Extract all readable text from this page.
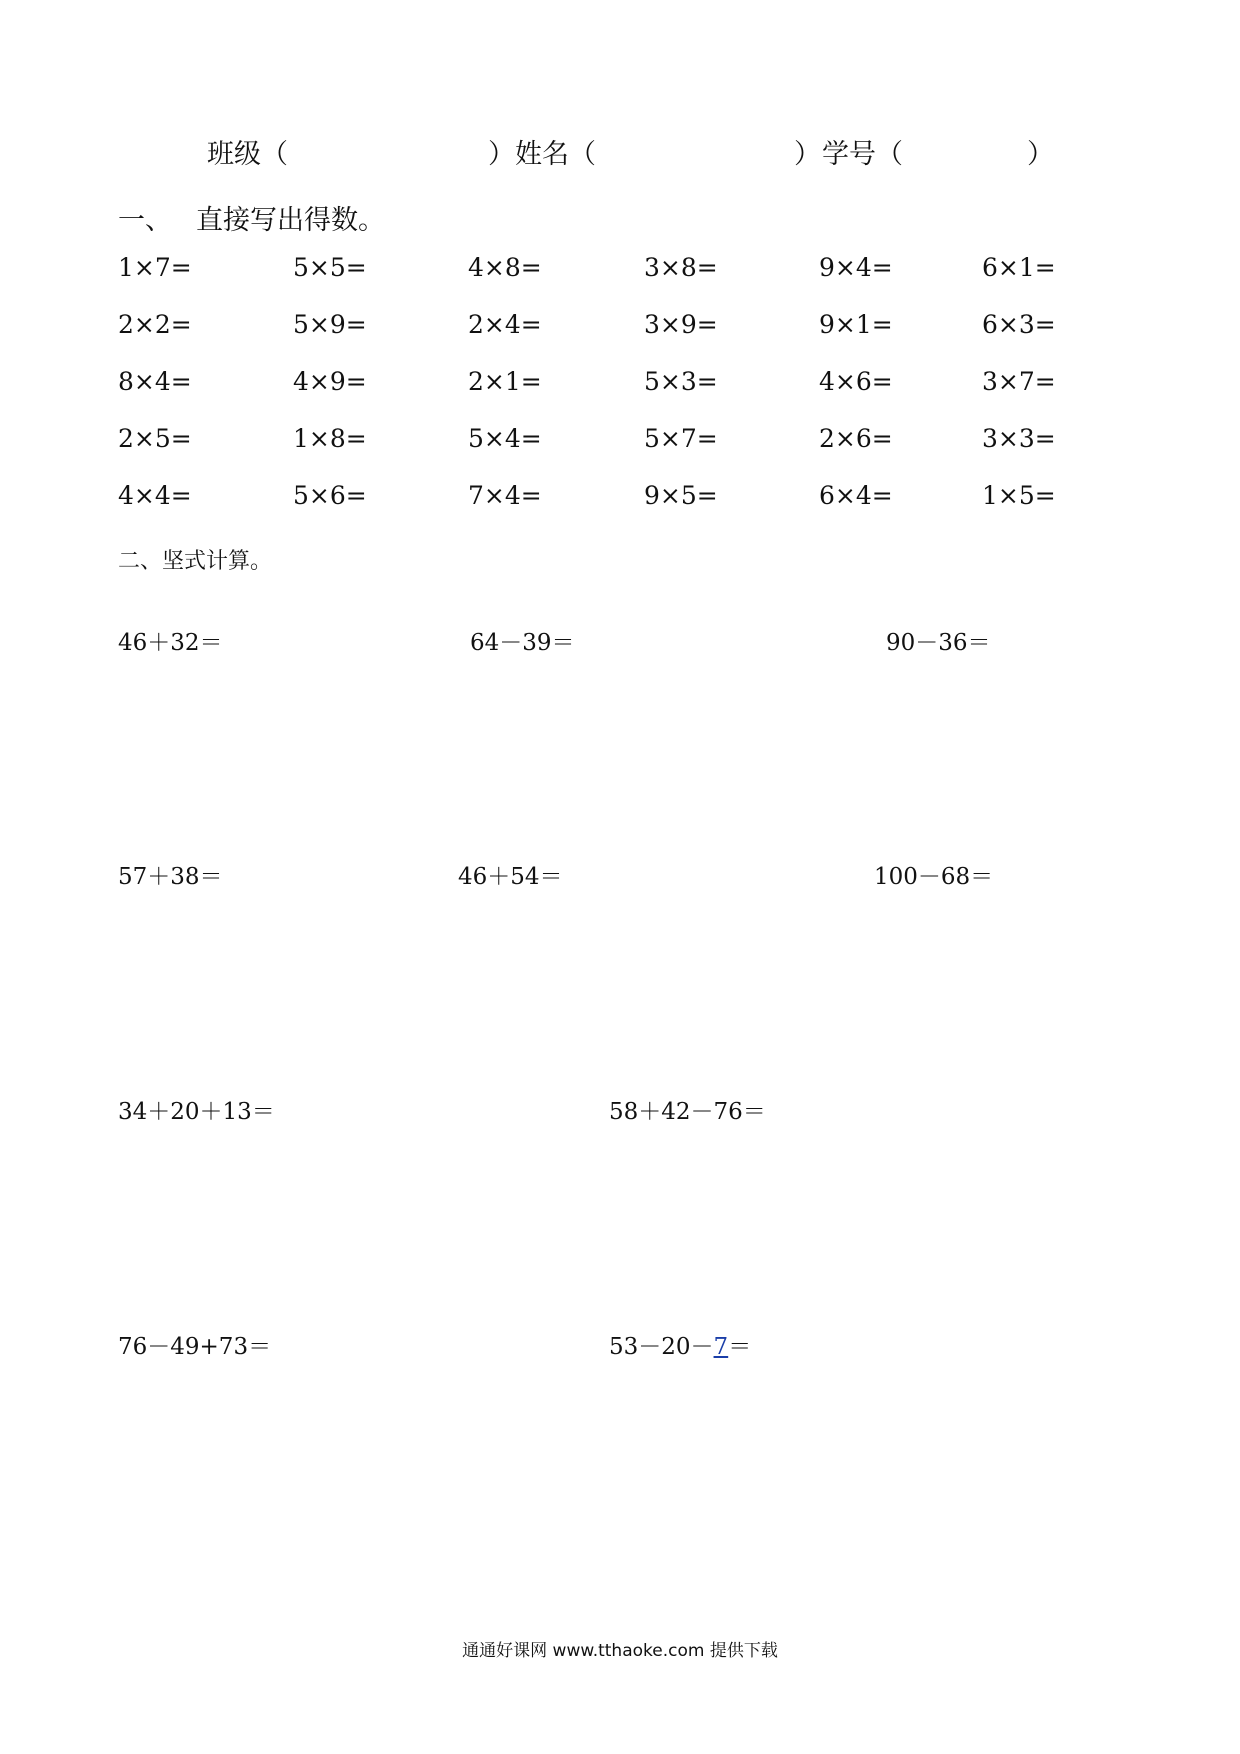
班级（	） 姓名（	） 学号（	）
一、 直接写出得数。
1×7=	5×5=	4×8=	3×8=	9×4=	6×1=
2×2=	5×9=	2×4=	3×9=	9×1=	6×3=
8×4=	4×9=	2×1=	5×3=	4×6=	3×7=
2×5=	1×8=	5×4=	5×7=	2×6=	3×3=
4×4=	5×6=	7×4=	9×5=	6×4=	1×5=
二、坚式计算。
46＋32＝	64－39＝	90－36＝
57＋38＝	46＋54＝	100－68＝
34＋20＋13＝	58＋42－76＝
76－49+73＝	53－20－7＝
通通好课网 www.tthaoke.com 提供下载
